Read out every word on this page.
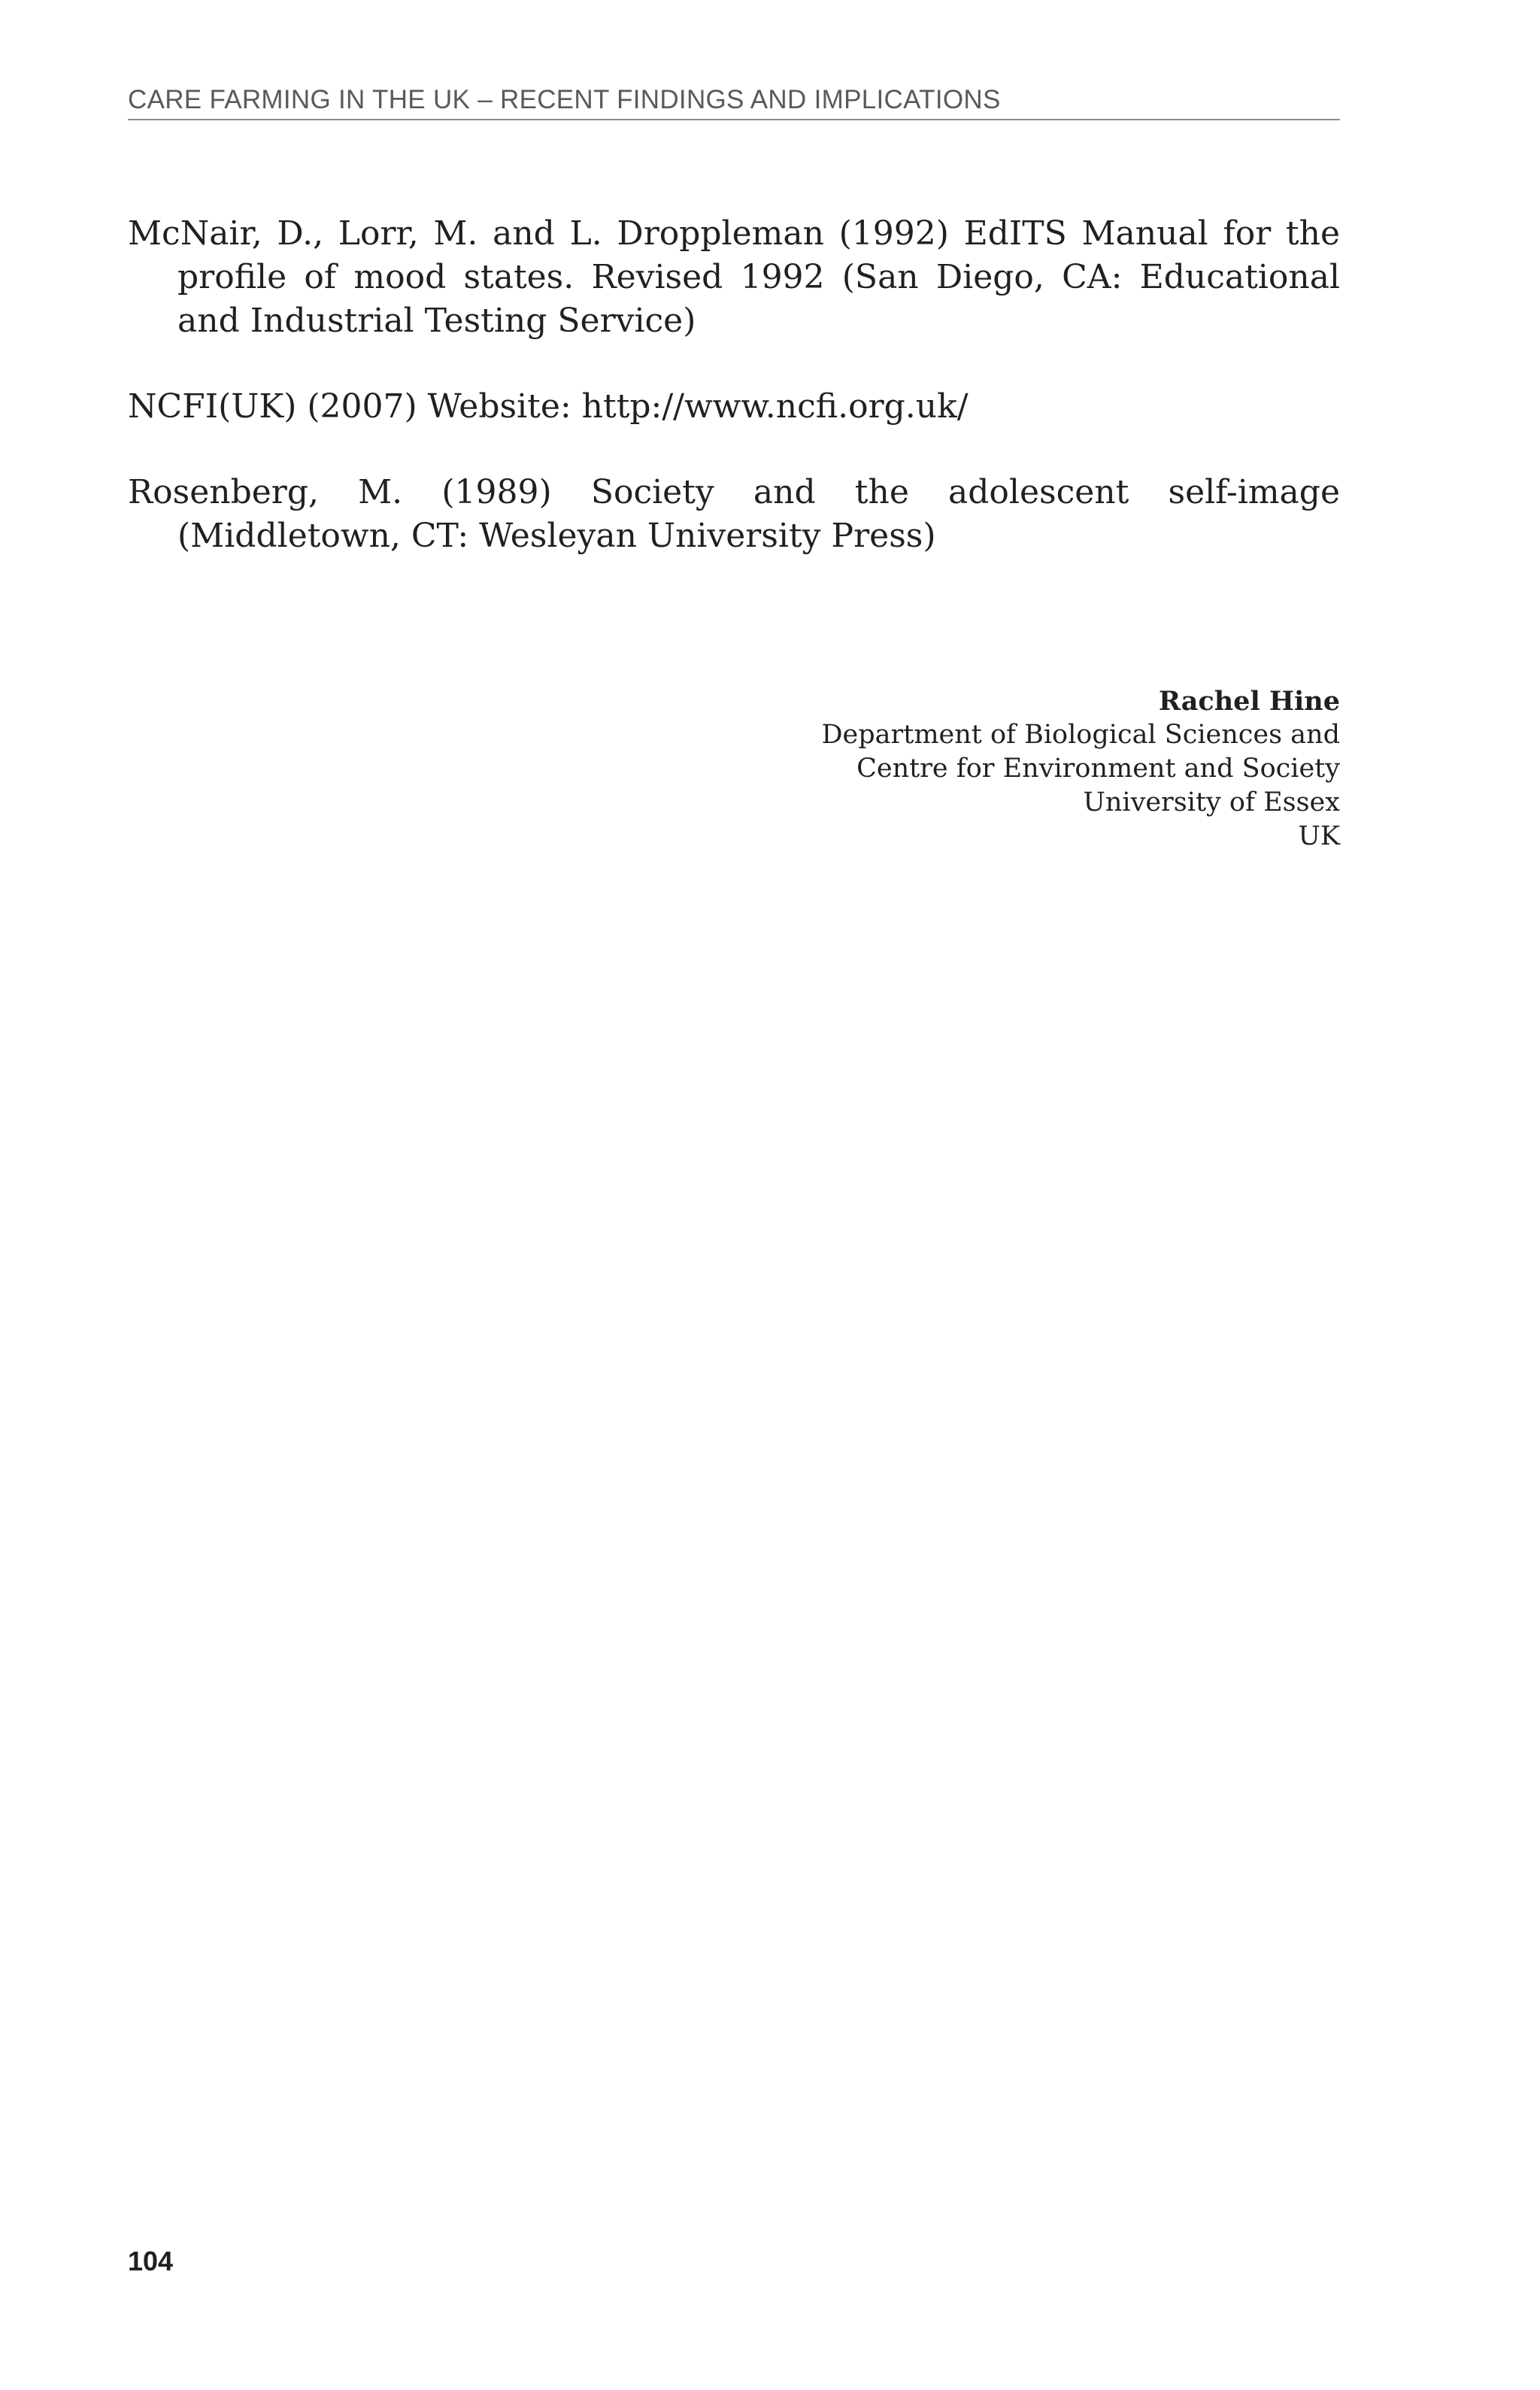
CARE FARMING IN THE UK – RECENT FINDINGS AND IMPLICATIONS

McNair, D., Lorr, M. and L. Droppleman (1992) EdITS Manual for the profile of mood states. Revised 1992 (San Diego, CA: Educational and Industrial Testing Service)

NCFI(UK) (2007) Website: http://www.ncfi.org.uk/

Rosenberg, M. (1989) Society and the adolescent self-image (Middletown, CT: Wesleyan University Press)

Rachel Hine
Department of Biological Sciences and
Centre for Environment and Society
University of Essex
UK
104
